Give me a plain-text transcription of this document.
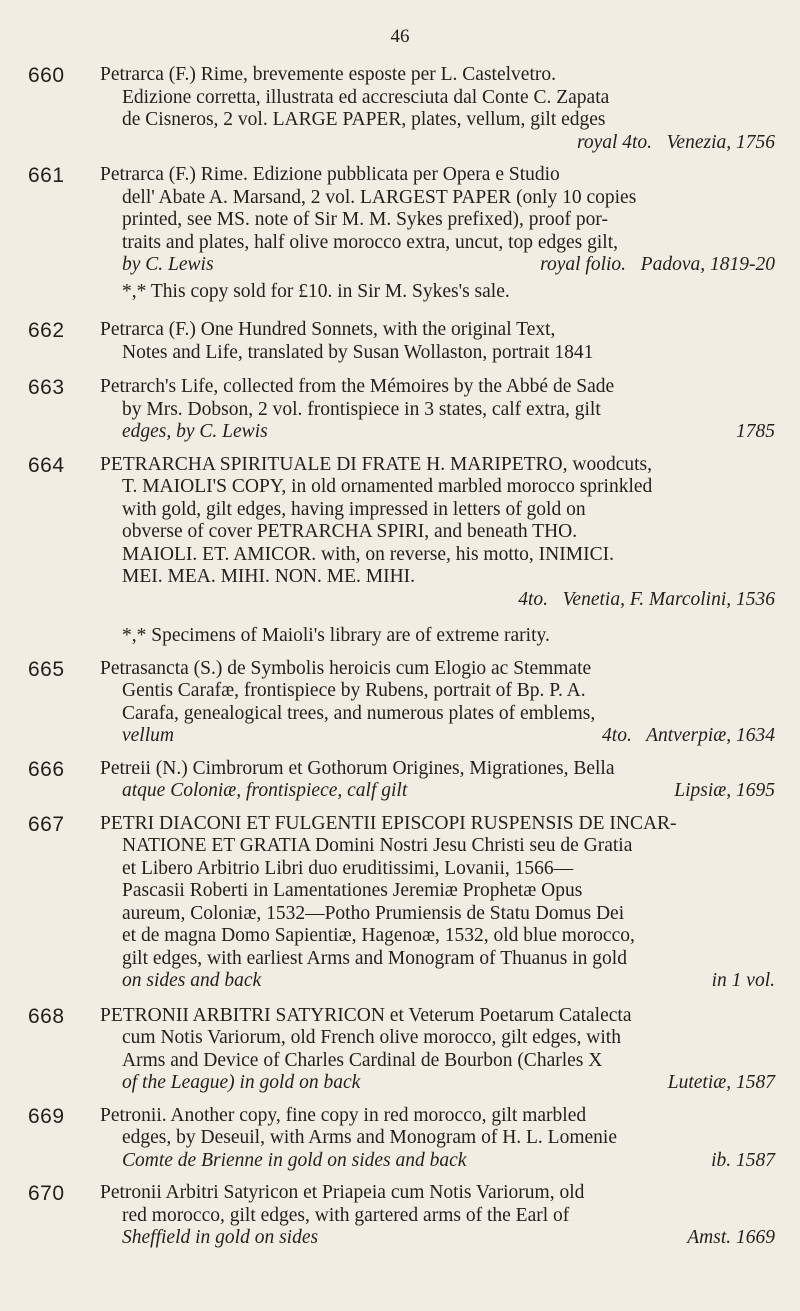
46
660 Petrarca (F.) Rime, brevemente esposte per L. Castelvetro.
Edizione corretta, illustrata ed accresciuta dal Conte C. Zapata
de Cisneros, 2 vol. LARGE PAPER, plates, vellum, gilt edges
royal 4to.   Venezia, 1756
661 Petrarca (F.) Rime. Edizione pubblicata per Opera e Studio
dell' Abate A. Marsand, 2 vol. LARGEST PAPER (only 10 copies
printed, see MS. note of Sir M. M. Sykes prefixed), proof por-
traits and plates, half olive morocco extra, uncut, top edges gilt,
by C. Lewis	royal folio.   Padova, 1819-20
*,* This copy sold for £10. in Sir M. Sykes's sale.
662 Petrarca (F.) One Hundred Sonnets, with the original Text,
Notes and Life, translated by Susan Wollaston, portrait 1841
663 Petrarch's Life, collected from the Mémoires by the Abbé de Sade
by Mrs. Dobson, 2 vol. frontispiece in 3 states, calf extra, gilt
edges, by C. Lewis	1785
664 PETRARCHA SPIRITUALE DI FRATE H. MARIPETRO, woodcuts,
T. MAIOLI'S COPY, in old ornamented marbled morocco sprinkled
with gold, gilt edges, having impressed in letters of gold on
obverse of cover PETRARCHA SPIRI, and beneath THO.
MAIOLI. ET. AMICOR. with, on reverse, his motto, INIMICI.
MEI. MEA. MIHI. NON. ME. MIHI.
4to.   Venetia, F. Marcolini, 1536
*,* Specimens of Maioli's library are of extreme rarity.
665 Petrasancta (S.) de Symbolis heroicis cum Elogio ac Stemmate
Gentis Carafæ, frontispiece by Rubens, portrait of Bp. P. A.
Carafa, genealogical trees, and numerous plates of emblems,
vellum	4to.   Antverpiæ, 1634
666 Petreii (N.) Cimbrorum et Gothorum Origines, Migrationes, Bella
atque Coloniæ, frontispiece, calf gilt	Lipsiæ, 1695
667 PETRI DIACONI ET FULGENTII EPISCOPI RUSPENSIS DE INCAR-
NATIONE ET GRATIA Domini Nostri Jesu Christi seu de Gratia
et Libero Arbitrio Libri duo eruditissimi, Lovanii, 1566—
Pascasii Roberti in Lamentationes Jeremiæ Prophetæ Opus
aureum, Coloniæ, 1532—Potho Prumiensis de Statu Domus Dei
et de magna Domo Sapientiæ, Hagenoæ, 1532, old blue morocco,
gilt edges, with earliest Arms and Monogram of Thuanus in gold
on sides and back	in 1 vol.
668 PETRONII ARBITRI SATYRICON et Veterum Poetarum Catalecta
cum Notis Variorum, old French olive morocco, gilt edges, with
Arms and Device of Charles Cardinal de Bourbon (Charles X
of the League) in gold on back	Lutetiæ, 1587
669 Petronii. Another copy, fine copy in red morocco, gilt marbled
edges, by Deseuil, with Arms and Monogram of H. L. Lomenie
Comte de Brienne in gold on sides and back	ib. 1587
670 Petronii Arbitri Satyricon et Priapeia cum Notis Variorum, old
red morocco, gilt edges, with gartered arms of the Earl of
Sheffield in gold on sides	Amst. 1669
